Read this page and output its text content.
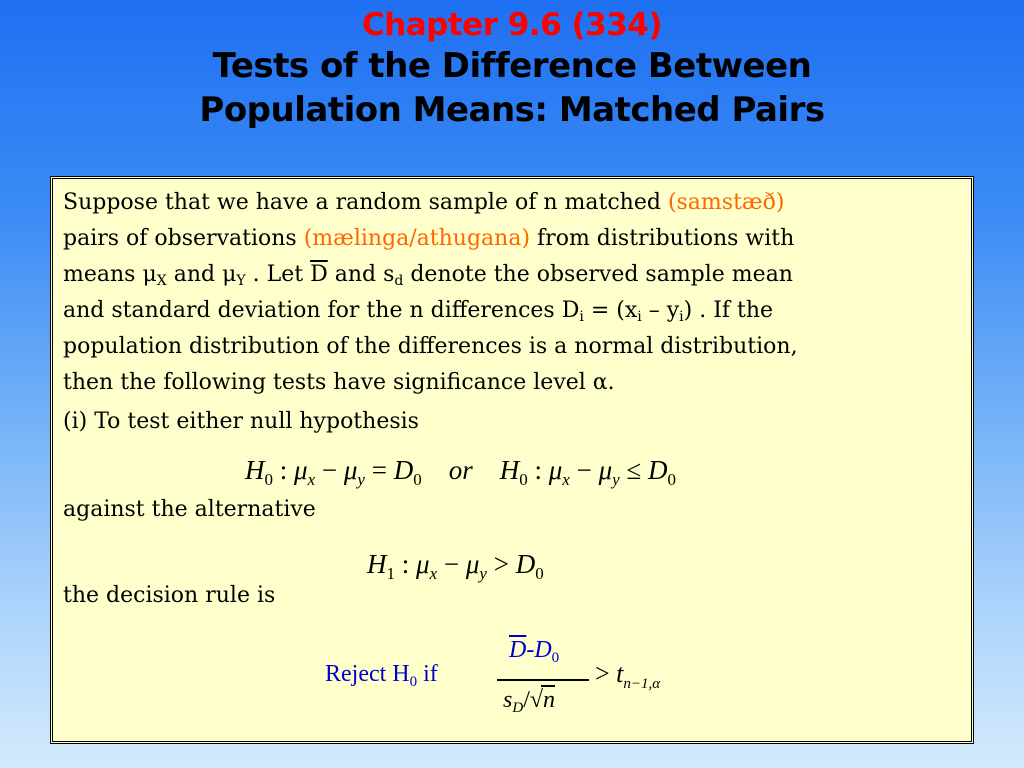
Chapter 9.6 (334)
Tests of the Difference Between
Population Means: Matched Pairs
Suppose that we have a random sample of n matched (samstæð)
pairs of observations (mælinga/athugana) from distributions with
means $\mu_X$ and $\mu_Y$ . Let $\overline{D}$ and $s_d$ denote the observed sample mean
and standard deviation for the n differences $D_i = (x_i - y_i)$ . If the
population distribution of the differences is a normal distribution,
then the following tests have significance level α.
(i) To test either null hypothesis
$H_0$ : $\mu_x - \mu_y = D_0$ or $H_0$ : $\mu_x - \mu_y \le D_0$
against the alternative
$H_1$ : $\mu_x - \mu_y > D_0$
the decision rule is
Reject $H_0$ if
$\overline{D}-D_0$
$s_D/√n$
> $t_{n-1,\alpha}$
